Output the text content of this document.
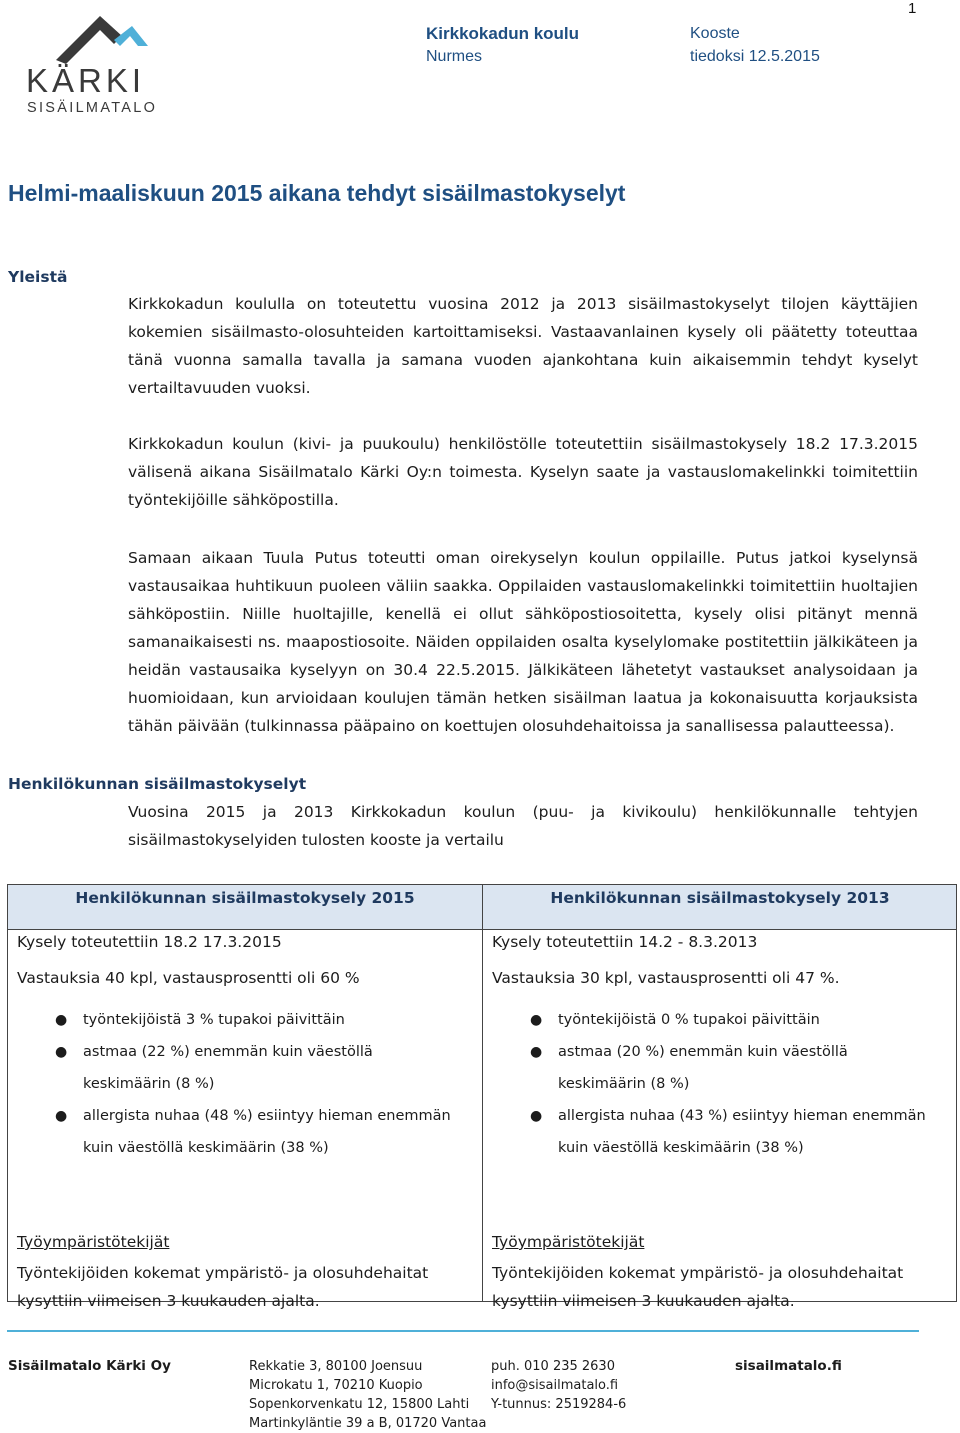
KÄRKI
SISÄILMATALO
Kirkkokadun koulu
Nurmes
Kooste
tiedoksi 12.5.2015
1
Helmi-maaliskuun 2015 aikana tehdyt sisäilmastokyselyt
Yleistä
Kirkkokadun koululla on toteutettu vuosina 2012 ja 2013 sisäilmastokyselyt tilojen käyttäjien kokemien sisäilmasto-olosuhteiden kartoittamiseksi. Vastaavanlainen kysely oli päätetty toteuttaa tänä vuonna samalla tavalla ja samana vuoden ajankohtana kuin aikaisemmin tehdyt kyselyt vertailtavuuden vuoksi.
Kirkkokadun koulun (kivi- ja puukoulu) henkilöstölle toteutettiin sisäilmastokysely 18.2 17.3.2015 välisenä aikana Sisäilmatalo Kärki Oy:n toimesta. Kyselyn saate ja vastauslomakelinkki toimitettiin työntekijöille sähköpostilla.
Samaan aikaan Tuula Putus toteutti oman oirekyselyn koulun oppilaille. Putus jatkoi kyselynsä vastausaikaa huhtikuun puoleen väliin saakka. Oppilaiden vastauslomakelinkki toimitettiin huoltajien sähköpostiin. Niille huoltajille, kenellä ei ollut sähköpostiosoitetta, kysely olisi pitänyt mennä samanaikaisesti ns. maapostiosoite. Näiden oppilaiden osalta kyselylomake postitettiin jälkikäteen ja heidän vastausaika kyselyyn on 30.4 22.5.2015. Jälkikäteen lähetetyt vastaukset analysoidaan ja huomioidaan, kun arvioidaan koulujen tämän hetken sisäilman laatua ja kokonaisuutta korjauksista tähän päivään (tulkinnassa pääpaino on koettujen olosuhdehaitoissa ja sanallisessa palautteessa).
Henkilökunnan sisäilmastokyselyt
Vuosina 2015 ja 2013 Kirkkokadun koulun (puu- ja kivikoulu) henkilökunnalle tehtyjen sisäilmastokyselyiden tulosten kooste ja vertailu
Henkilökunnan sisäilmastokysely 2015	Henkilökunnan sisäilmastokysely 2013
Kysely toteutettiin 18.2 17.3.2015
Vastauksia 40 kpl, vastausprosentti oli 60 %
● työntekijöistä 3 % tupakoi päivittäin
● astmaa (22 %) enemmän kuin väestöllä keskimäärin (8 %)
● allergista nuhaa (48 %) esiintyy hieman enemmän kuin väestöllä keskimäärin (38 %)
Työympäristötekijät
Työntekijöiden kokemat ympäristö- ja olosuhdehaitat kysyttiin viimeisen 3 kuukauden ajalta.
Kysely toteutettiin 14.2 - 8.3.2013
Vastauksia 30 kpl, vastausprosentti oli 47 %.
● työntekijöistä 0 % tupakoi päivittäin
● astmaa (20 %) enemmän kuin väestöllä keskimäärin (8 %)
● allergista nuhaa (43 %) esiintyy hieman enemmän kuin väestöllä keskimäärin (38 %)
Työympäristötekijät
Työntekijöiden kokemat ympäristö- ja olosuhdehaitat kysyttiin viimeisen 3 kuukauden ajalta.
Sisäilmatalo Kärki Oy	Rekkatie 3, 80100 Joensuu
Microkatu 1, 70210 Kuopio
Sopenkorvenkatu 12, 15800 Lahti
Martinkyläntie 39 a B, 01720 Vantaa
puh. 010 235 2630
info@sisailmatalo.fi
Y-tunnus: 2519284-6
sisailmatalo.fi
